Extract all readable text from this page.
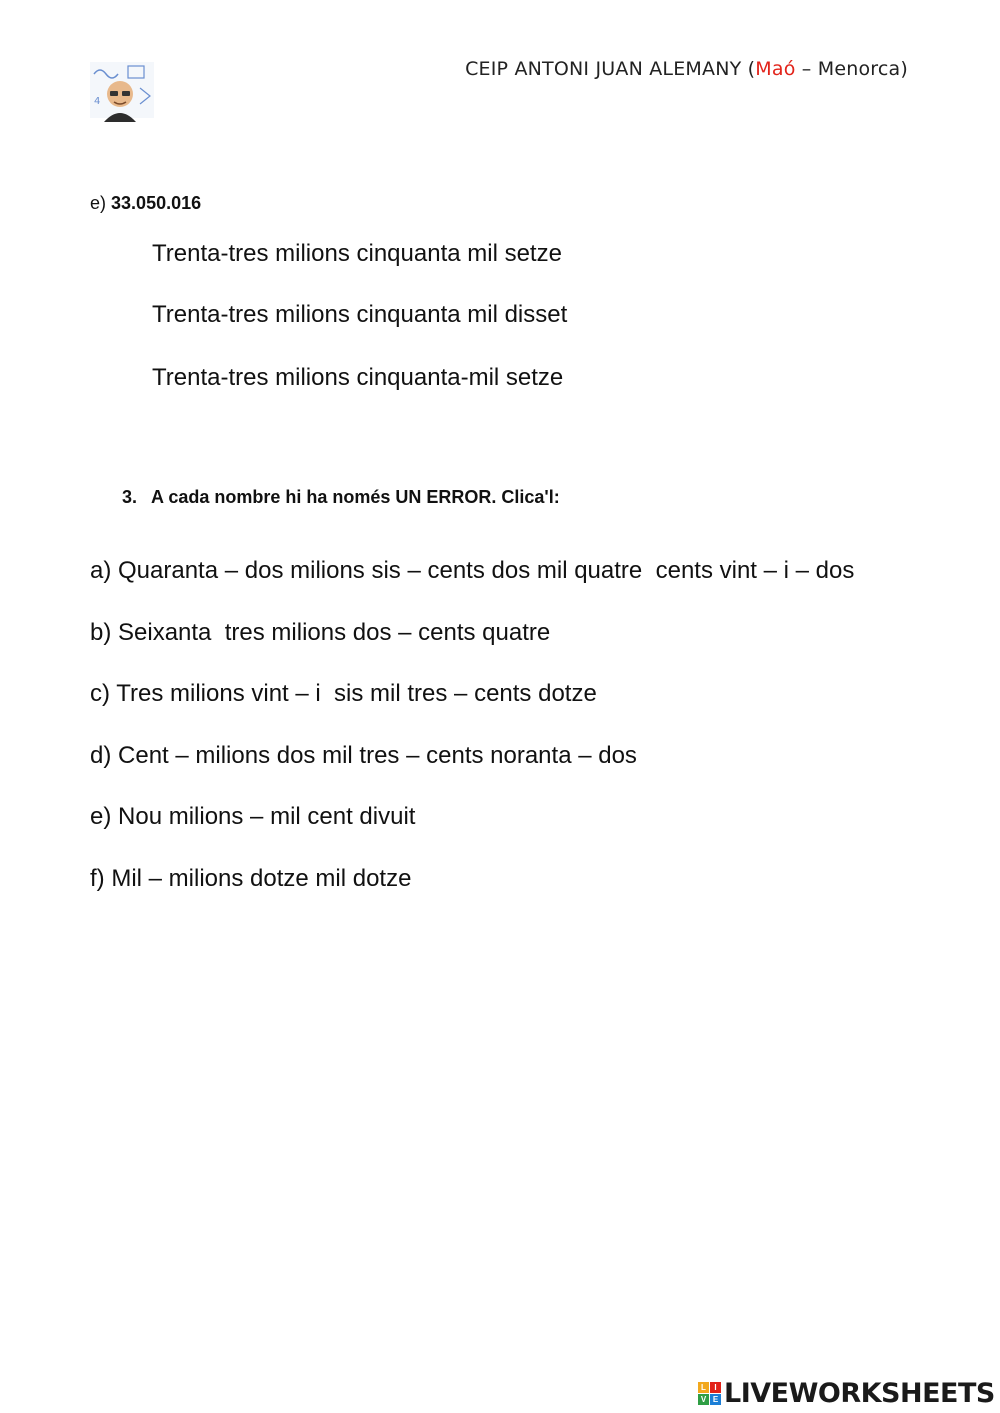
4
CEIP ANTONI JUAN ALEMANY (Maó – Menorca)
e) 33.050.016
Trenta-tres milions cinquanta mil setze
Trenta-tres milions cinquanta mil disset
Trenta-tres milions cinquanta-mil setze
3. A cada nombre hi ha només UN ERROR. Clica'l:
a) Quaranta – dos milions sis – cents dos mil quatre  cents vint – i – dos
b) Seixanta  tres milions dos – cents quatre
c) Tres milions vint – i  sis mil tres – cents dotze
d) Cent – milions dos mil tres – cents noranta – dos
e) Nou milions – mil cent divuit
f) Mil – milions dotze mil dotze
L	I
V E LIVEWORKSHEETS
